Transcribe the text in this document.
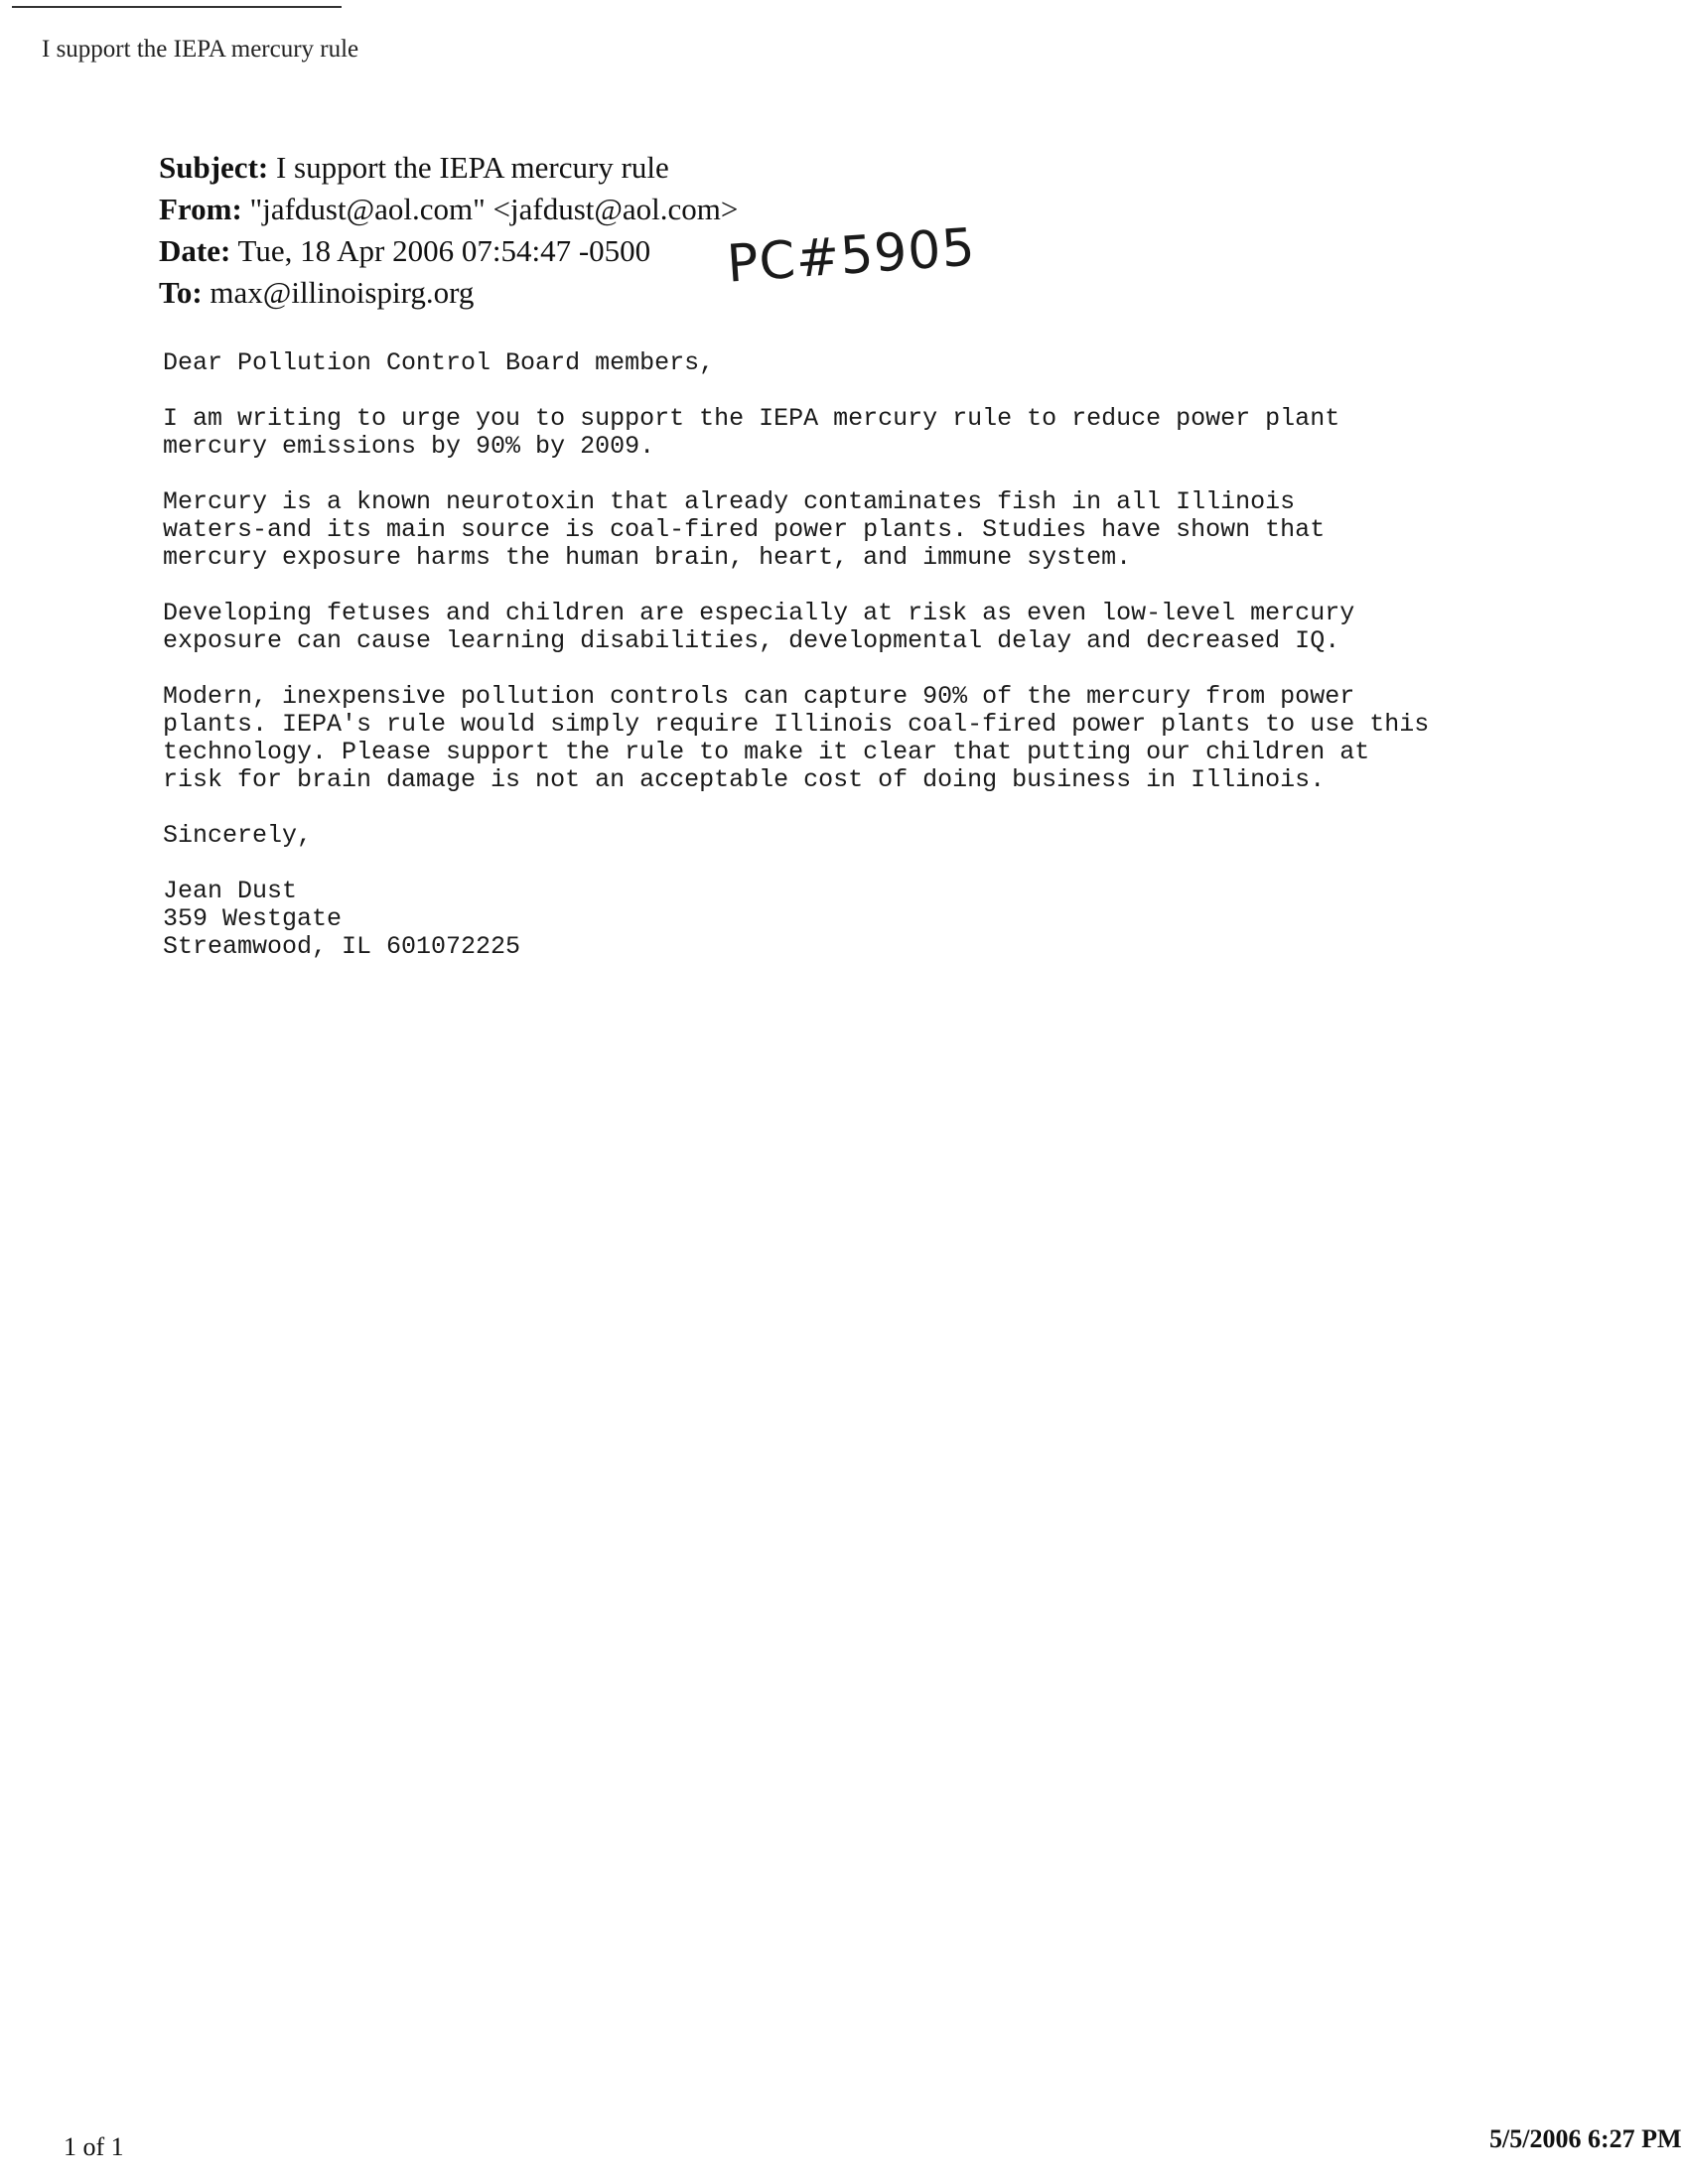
I support the IEPA mercury rule
Subject: I support the IEPA mercury rule
From: "jafdust@aol.com" <jafdust@aol.com>
Date: Tue, 18 Apr 2006 07:54:47 -0500
To: max@illinoispirg.org	PC#5905

Dear Pollution Control Board members,

I am writing to urge you to support the IEPA mercury rule to reduce power plant
mercury emissions by 90% by 2009.

Mercury is a known neurotoxin that already contaminates fish in all Illinois
waters-and its main source is coal-fired power plants. Studies have shown that
mercury exposure harms the human brain, heart, and immune system.

Developing fetuses and children are especially at risk as even low-level mercury
exposure can cause learning disabilities, developmental delay and decreased IQ.

Modern, inexpensive pollution controls can capture 90% of the mercury from power
plants. IEPA's rule would simply require Illinois coal-fired power plants to use this
technology. Please support the rule to make it clear that putting our children at
risk for brain damage is not an acceptable cost of doing business in Illinois.

Sincerely,

Jean Dust
359 Westgate
Streamwood, IL 601072225

1 of 1	5/5/2006 6:27 PM
